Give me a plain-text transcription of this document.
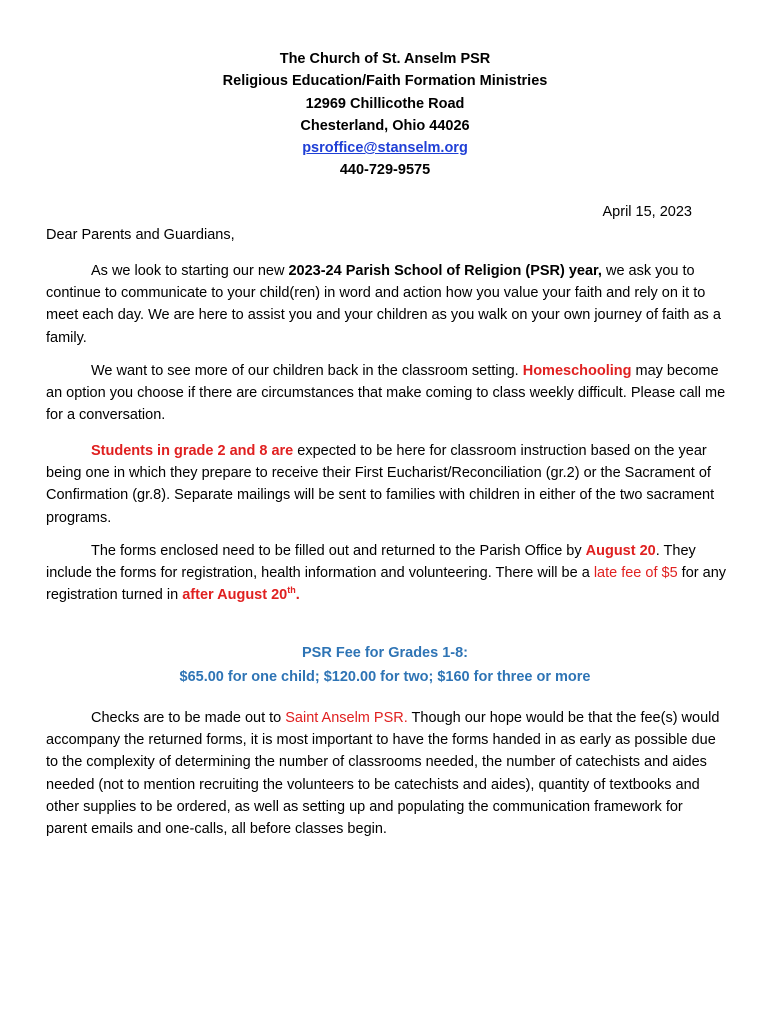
The Church of St. Anselm PSR
Religious Education/Faith Formation Ministries
12969 Chillicothe Road
Chesterland, Ohio 44026
psroffice@stanselm.org
440-729-9575
April 15, 2023
Dear Parents and Guardians,

As we look to starting our new 2023-24 Parish School of Religion (PSR) year, we ask you to continue to communicate to your child(ren) in word and action how you value your faith and rely on it to meet each day. We are here to assist you and your children as you walk on your own journey of faith as a family.

We want to see more of our children back in the classroom setting. Homeschooling may become an option you choose if there are circumstances that make coming to class weekly difficult. Please call me for a conversation.

Students in grade 2 and 8 are expected to be here for classroom instruction based on the year being one in which they prepare to receive their First Eucharist/Reconciliation (gr.2) or the Sacrament of Confirmation (gr.8). Separate mailings will be sent to families with children in either of the two sacrament programs.

The forms enclosed need to be filled out and returned to the Parish Office by August 20. They include the forms for registration, health information and volunteering. There will be a late fee of $5 for any registration turned in after August 20th.

PSR Fee for Grades 1-8:
$65.00 for one child; $120.00 for two; $160 for three or more

Checks are to be made out to Saint Anselm PSR. Though our hope would be that the fee(s) would accompany the returned forms, it is most important to have the forms handed in as early as possible due to the complexity of determining the number of classrooms needed, the number of catechists and aides needed (not to mention recruiting the volunteers to be catechists and aides), quantity of textbooks and other supplies to be ordered, as well as setting up and populating the communication framework for parent emails and one-calls, all before classes begin.
